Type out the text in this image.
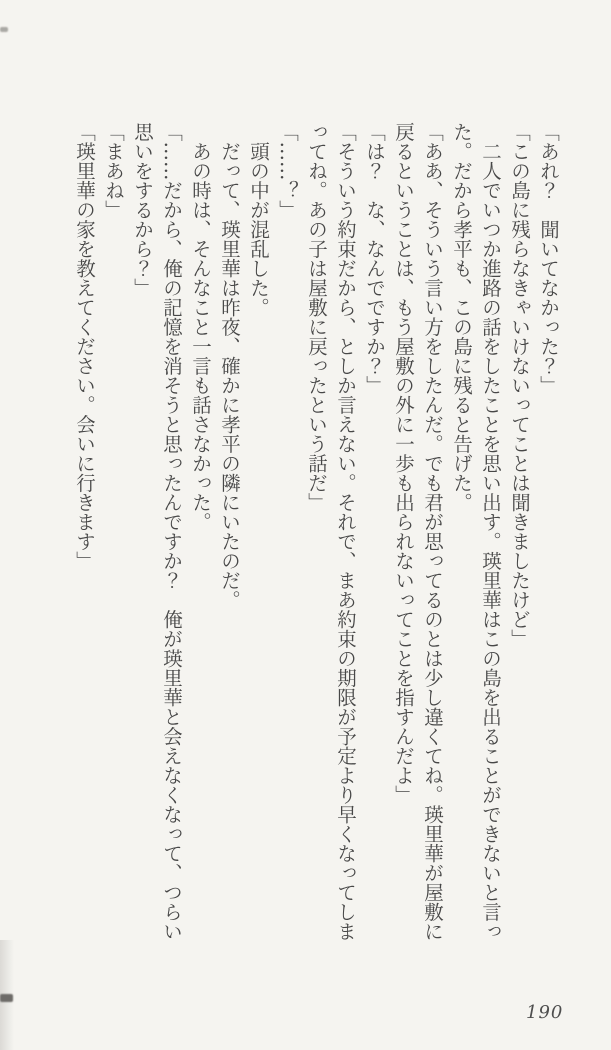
「あれ？　聞いてなかった？」

「この島に残らなきゃいけないってことは聞きましたけど」

　二人でいつか進路の話をしたことを思い出す。瑛里華はこの島を出ることができないと言っ

た。だから孝平も、この島に残ると告げた。

「ああ、そういう言い方をしたんだ。でも君が思ってるのとは少し違くてね。瑛里華が屋敷に

戻るということは、もう屋敷の外に一歩も出られないってことを指すんだよ」

「は？　な、なんでですか？」

「そういう約束だから、としか言えない。それで、まあ約束の期限が予定より早くなってしま

ってね。あの子は屋敷に戻ったという話だ」

「……？」

　頭の中が混乱した。

　だって、瑛里華は昨夜、確かに孝平の隣にいたのだ。

　あの時は、そんなこと一言も話さなかった。

「……だから、俺の記憶を消そうと思ったんですか？　俺が瑛里華と会えなくなって、つらい

思いをするから？」

「まあね」

「瑛里華の家を教えてください。会いに行きます」

190
